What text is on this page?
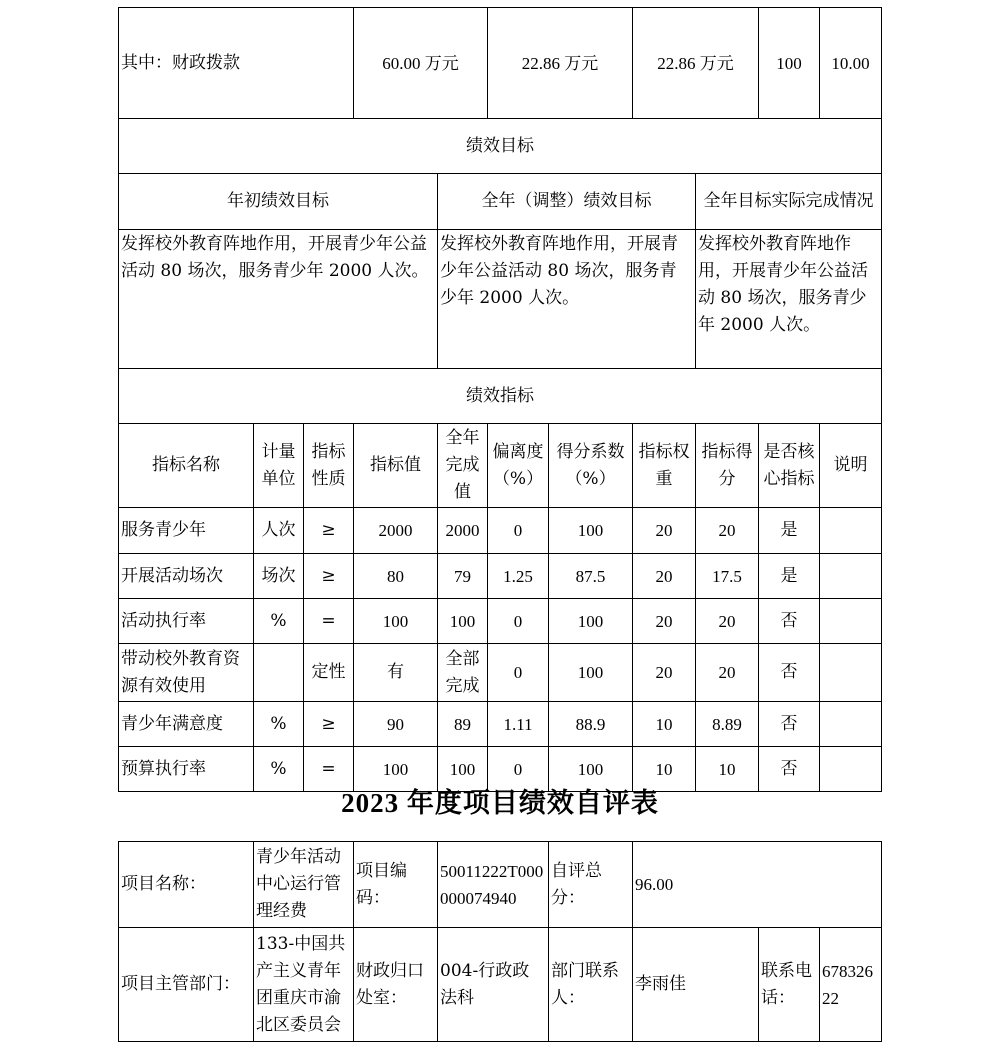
其中：财政拨款			60.00 万元		22.86 万元		22.86 万元		100	10.00	
绩效目标											
年初绩效目标				全年（调整）绩效目标				全年目标实际完成情况			
发挥校外教育阵地作用，开展青少年公益活动 80 场次，服务青少年 2000 人次。				发挥校外教育阵地作用，开展青少年公益活动 80 场次，服务青少年 2000 人次。				发挥校外教育阵地作用，开展青少年公益活动 80 场次，服务青少年 2000 人次。			
绩效指标											
指标名称	计量单位	指标性质	指标值	全年完成值	偏离度（%）	得分系数（%）	指标权重	指标得分	是否核心指标	说明	
服务青少年	人次	≥	2000	2000	0	100	20	20	是		
开展活动场次	场次	≥	80	79	1.25	87.5	20	17.5	是		
活动执行率	%	=	100	100	0	100	20	20	否		
带动校外教育资源有效使用		定性	有	全部完成	0	100	20	20	否		
青少年满意度	%	≥	90	89	1.11	88.9	10	8.89	否		
预算执行率	%	=	100	100	0	100	10	10	否		
2023 年度项目绩效自评表
项目名称：	青少年活动中心运行管理经费	项目编码：	50011222T000000074940	自评总分：	96.00		
项目主管部门：	133-中国共产主义青年团重庆市渝北区委员会	财政归口处室：	004-行政政法科	部门联系人：	李雨佳	联系电话：	67832622
